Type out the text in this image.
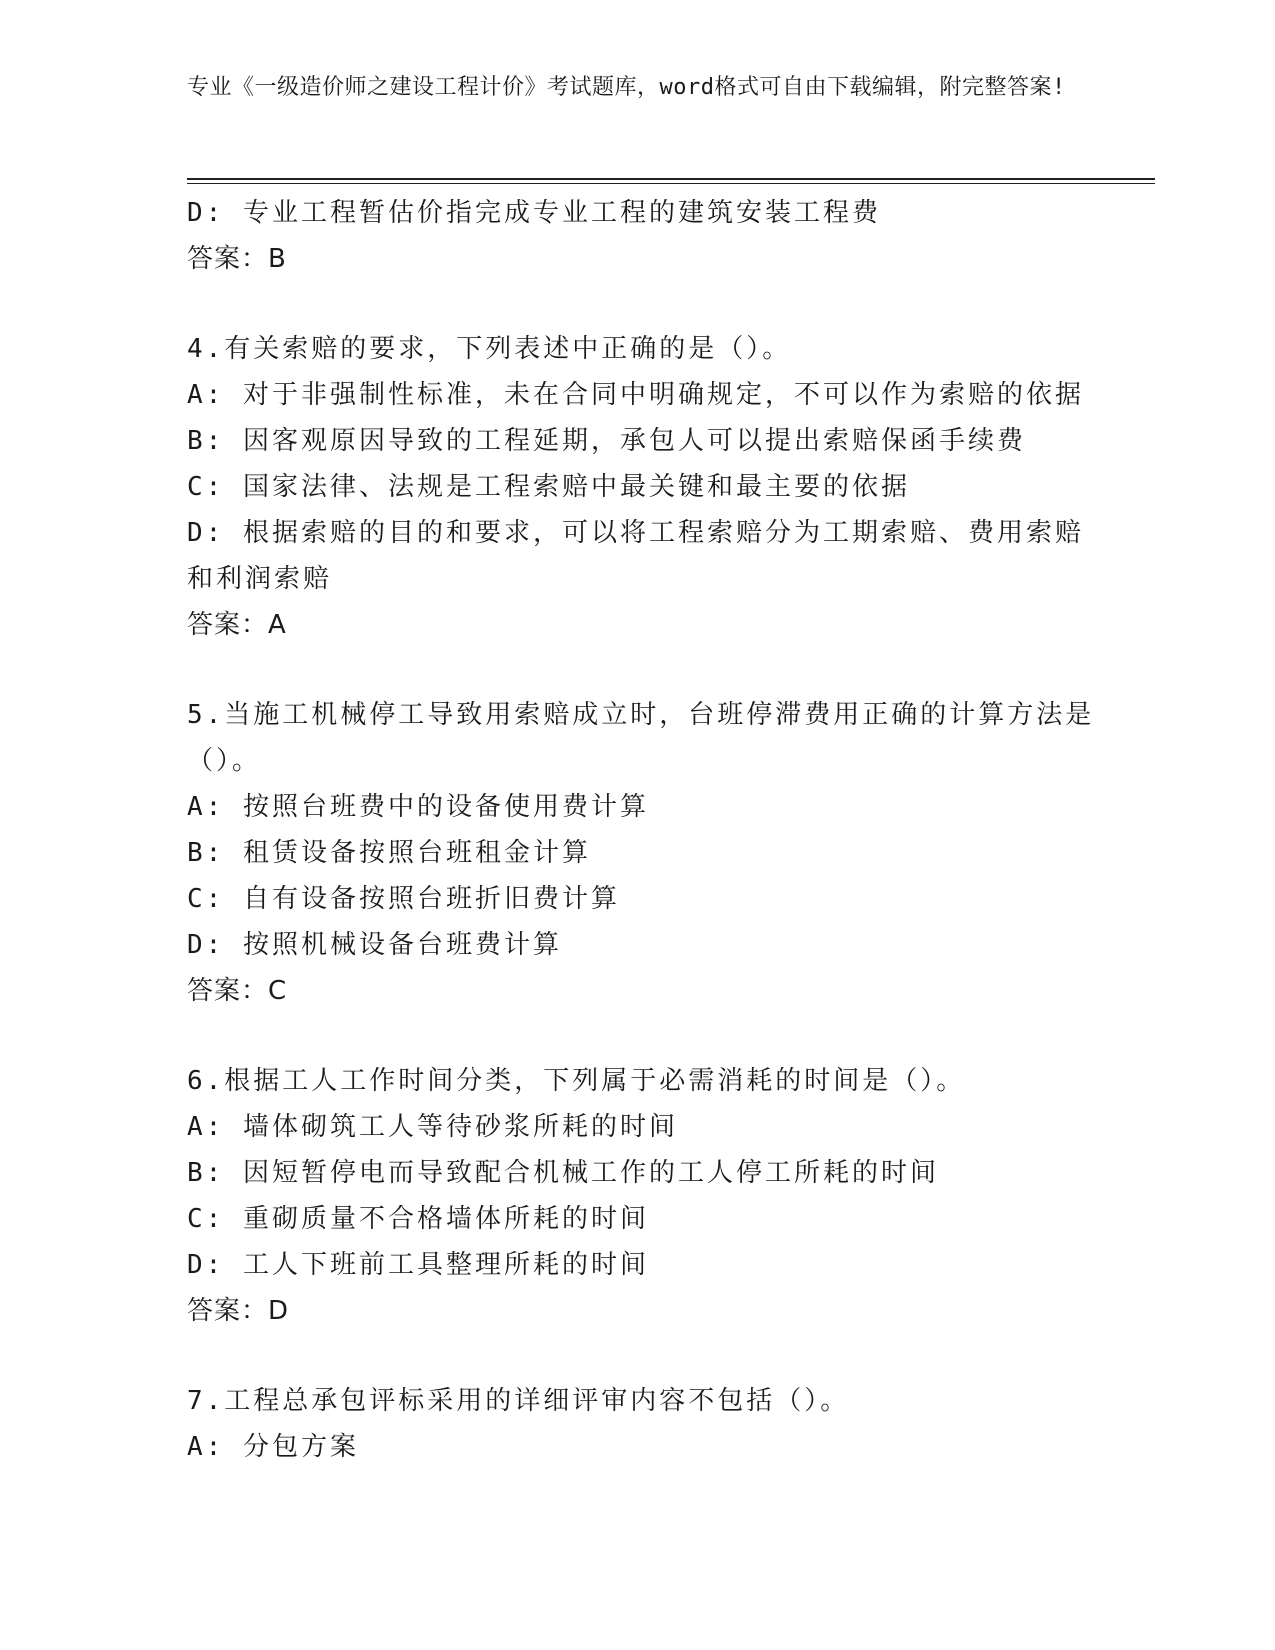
专业《一级造价师之建设工程计价》考试题库，word格式可自由下载编辑，附完整答案!
D: 专业工程暂估价指完成专业工程的建筑安装工程费
答案：B
4.有关索赔的要求，下列表述中正确的是（）。
A: 对于非强制性标准，未在合同中明确规定，不可以作为索赔的依据
B: 因客观原因导致的工程延期，承包人可以提出索赔保函手续费
C: 国家法律、法规是工程索赔中最关键和最主要的依据
D: 根据索赔的目的和要求，可以将工程索赔分为工期索赔、费用索赔和利润索赔
答案：A
5.当施工机械停工导致用索赔成立时，台班停滞费用正确的计算方法是（）。
A: 按照台班费中的设备使用费计算
B: 租赁设备按照台班租金计算
C: 自有设备按照台班折旧费计算
D: 按照机械设备台班费计算
答案：C
6.根据工人工作时间分类，下列属于必需消耗的时间是（）。
A: 墙体砌筑工人等待砂浆所耗的时间
B: 因短暂停电而导致配合机械工作的工人停工所耗的时间
C: 重砌质量不合格墙体所耗的时间
D: 工人下班前工具整理所耗的时间
答案：D
7.工程总承包评标采用的详细评审内容不包括（）。
A: 分包方案
